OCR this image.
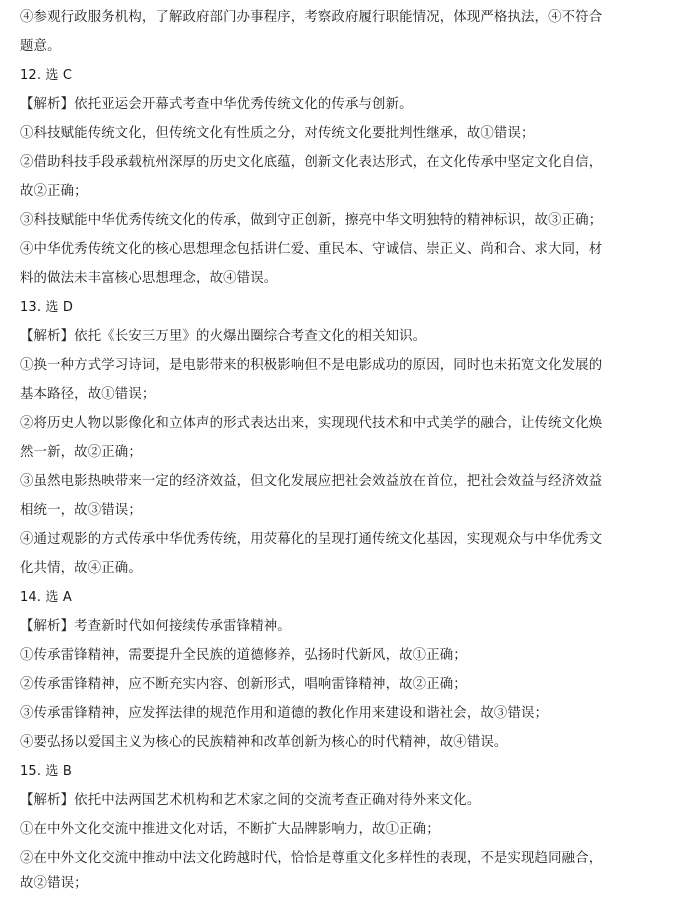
④参观行政服务机构，了解政府部门办事程序，考察政府履行职能情况，体现严格执法，④不符合
题意。
12. 选 C
【解析】依托亚运会开幕式考查中华优秀传统文化的传承与创新。
①科技赋能传统文化，但传统文化有性质之分，对传统文化要批判性继承，故①错误；
②借助科技手段承载杭州深厚的历史文化底蕴，创新文化表达形式，在文化传承中坚定文化自信，
故②正确；
③科技赋能中华优秀传统文化的传承，做到守正创新，擦亮中华文明独特的精神标识，故③正确；
④中华优秀传统文化的核心思想理念包括讲仁爱、重民本、守诚信、崇正义、尚和合、求大同，材
料的做法未丰富核心思想理念，故④错误。
13. 选 D
【解析】依托《长安三万里》的火爆出圈综合考查文化的相关知识。
①换一种方式学习诗词，是电影带来的积极影响但不是电影成功的原因，同时也未拓宽文化发展的
基本路径，故①错误；
②将历史人物以影像化和立体声的形式表达出来，实现现代技术和中式美学的融合，让传统文化焕
然一新，故②正确；
③虽然电影热映带来一定的经济效益，但文化发展应把社会效益放在首位，把社会效益与经济效益
相统一，故③错误；
④通过观影的方式传承中华优秀传统，用荧幕化的呈现打通传统文化基因，实现观众与中华优秀文
化共情，故④正确。
14. 选 A
【解析】考查新时代如何接续传承雷锋精神。
①传承雷锋精神，需要提升全民族的道德修养，弘扬时代新风，故①正确；
②传承雷锋精神，应不断充实内容、创新形式，唱响雷锋精神，故②正确；
③传承雷锋精神，应发挥法律的规范作用和道德的教化作用来建设和谐社会，故③错误；
④要弘扬以爱国主义为核心的民族精神和改革创新为核心的时代精神，故④错误。
15. 选 B
【解析】依托中法两国艺术机构和艺术家之间的交流考查正确对待外来文化。
①在中外文化交流中推进文化对话，不断扩大品牌影响力，故①正确；
②在中外文化交流中推动中法文化跨越时代，恰恰是尊重文化多样性的表现，不是实现趋同融合，
故②错误；
